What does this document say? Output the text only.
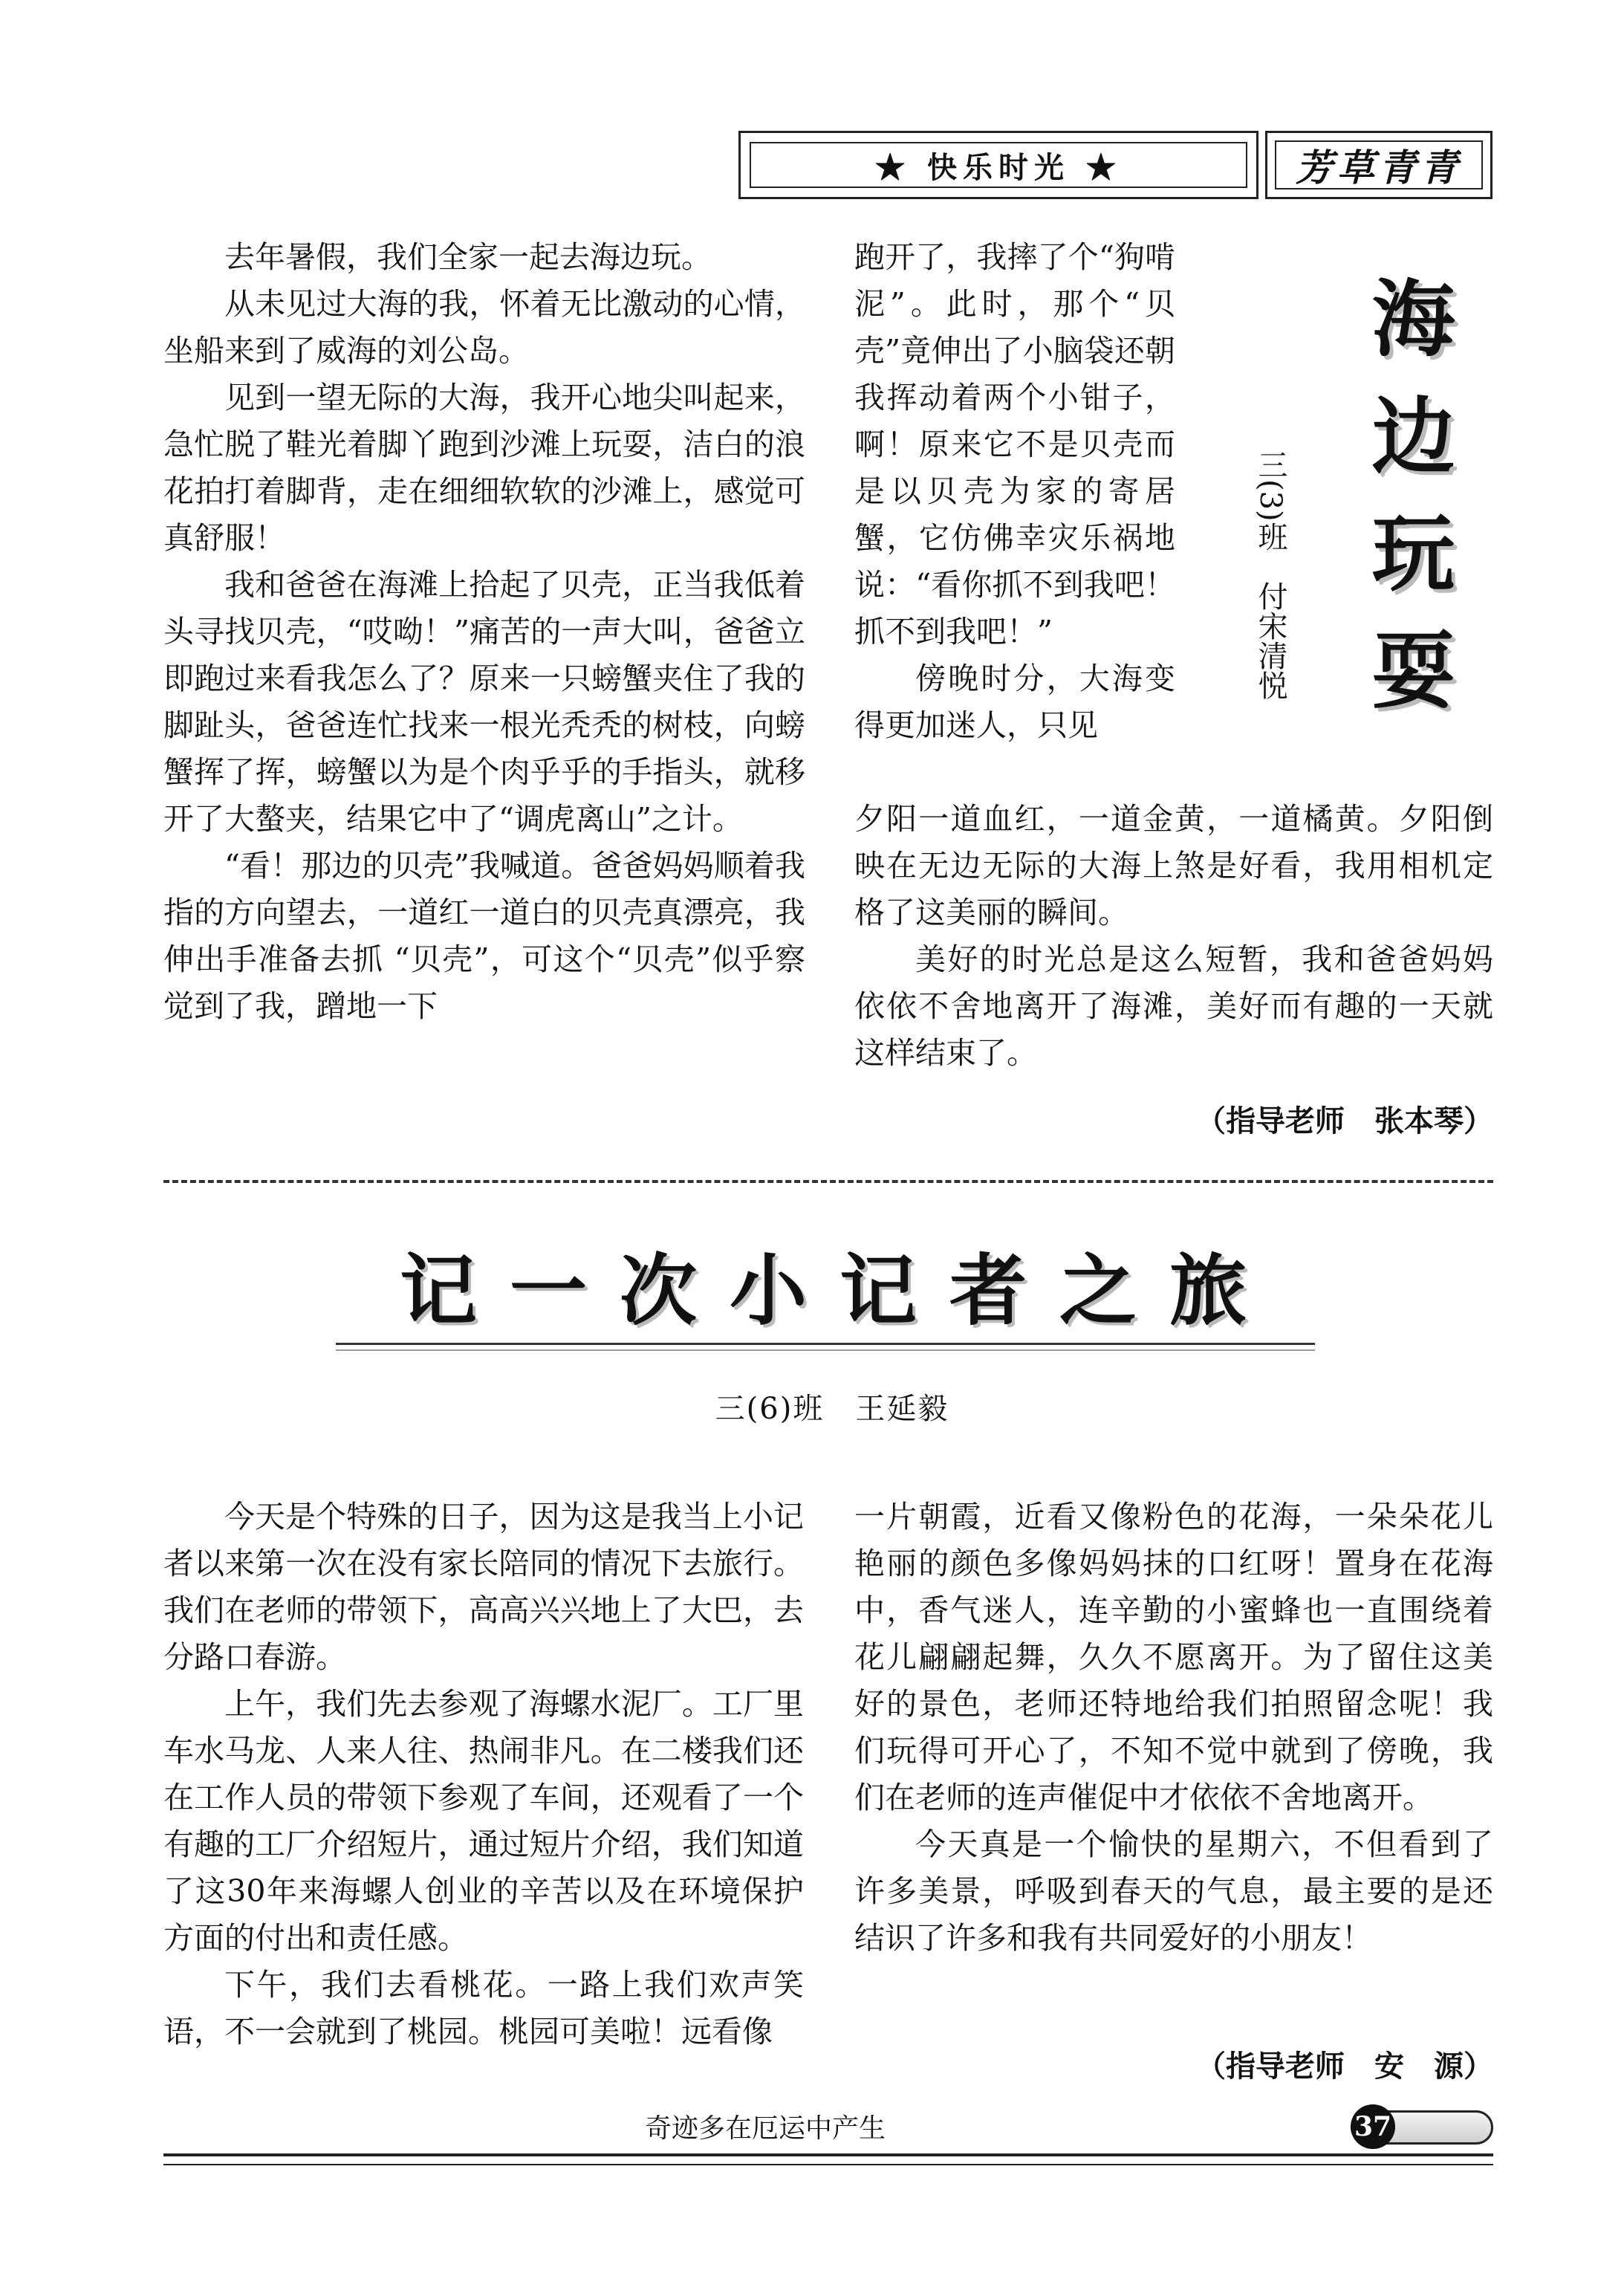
★ 快乐时光 ★	芳草青青

去年暑假，我们全家一起去海边玩。

从未见过大海的我，怀着无比激动的心情，坐船来到了威海的刘公岛。

见到一望无际的大海，我开心地尖叫起来，急忙脱了鞋光着脚丫跑到沙滩上玩耍，洁白的浪花拍打着脚背，走在细细软软的沙滩上，感觉可真舒服！

我和爸爸在海滩上拾起了贝壳，正当我低着头寻找贝壳，“哎呦！”痛苦的一声大叫，爸爸立即跑过来看我怎么了？原来一只螃蟹夹住了我的脚趾头，爸爸连忙找来一根光秃秃的树枝，向螃蟹挥了挥，螃蟹以为是个肉乎乎的手指头，就移开了大螯夹，结果它中了“调虎离山”之计。

“看！那边的贝壳”我喊道。爸爸妈妈顺着我指的方向望去，一道红一道白的贝壳真漂亮，我伸出手准备去抓 “贝壳”，可这个“贝壳”似乎察觉到了我，蹭地一下

跑开了，我摔了个“狗啃泥”。此时，那个“贝壳”竟伸出了小脑袋还朝我挥动着两个小钳子，啊！原来它不是贝壳而是以贝壳为家的寄居蟹，它仿佛幸灾乐祸地说：“看你抓不到我吧！抓不到我吧！”

傍晚时分，大海变得更加迷人，只见	海边玩耍
三(3)班付宋清悦

夕阳一道血红，一道金黄，一道橘黄。夕阳倒映在无边无际的大海上煞是好看，我用相机定格了这美丽的瞬间。

美好的时光总是这么短暂，我和爸爸妈妈依依不舍地离开了海滩，美好而有趣的一天就这样结束了。

（指导老师　张本琴）
记一次小记者之旅
三(6)班　王延毅

今天是个特殊的日子，因为这是我当上小记者以来第一次在没有家长陪同的情况下去旅行。我们在老师的带领下，高高兴兴地上了大巴，去分路口春游。

上午，我们先去参观了海螺水泥厂。工厂里车水马龙、人来人往、热闹非凡。在二楼我们还在工作人员的带领下参观了车间，还观看了一个有趣的工厂介绍短片，通过短片介绍，我们知道了这30年来海螺人创业的辛苦以及在环境保护方面的付出和责任感。

下午，我们去看桃花。一路上我们欢声笑语，不一会就到了桃园。桃园可美啦！远看像

一片朝霞，近看又像粉色的花海，一朵朵花儿艳丽的颜色多像妈妈抹的口红呀！置身在花海中，香气迷人，连辛勤的小蜜蜂也一直围绕着花儿翩翩起舞，久久不愿离开。为了留住这美好的景色，老师还特地给我们拍照留念呢！我们玩得可开心了，不知不觉中就到了傍晚，我们在老师的连声催促中才依依不舍地离开。

今天真是一个愉快的星期六，不但看到了许多美景，呼吸到春天的气息，最主要的是还结识了许多和我有共同爱好的小朋友！

（指导老师　安　源）
奇迹多在厄运中产生	37
